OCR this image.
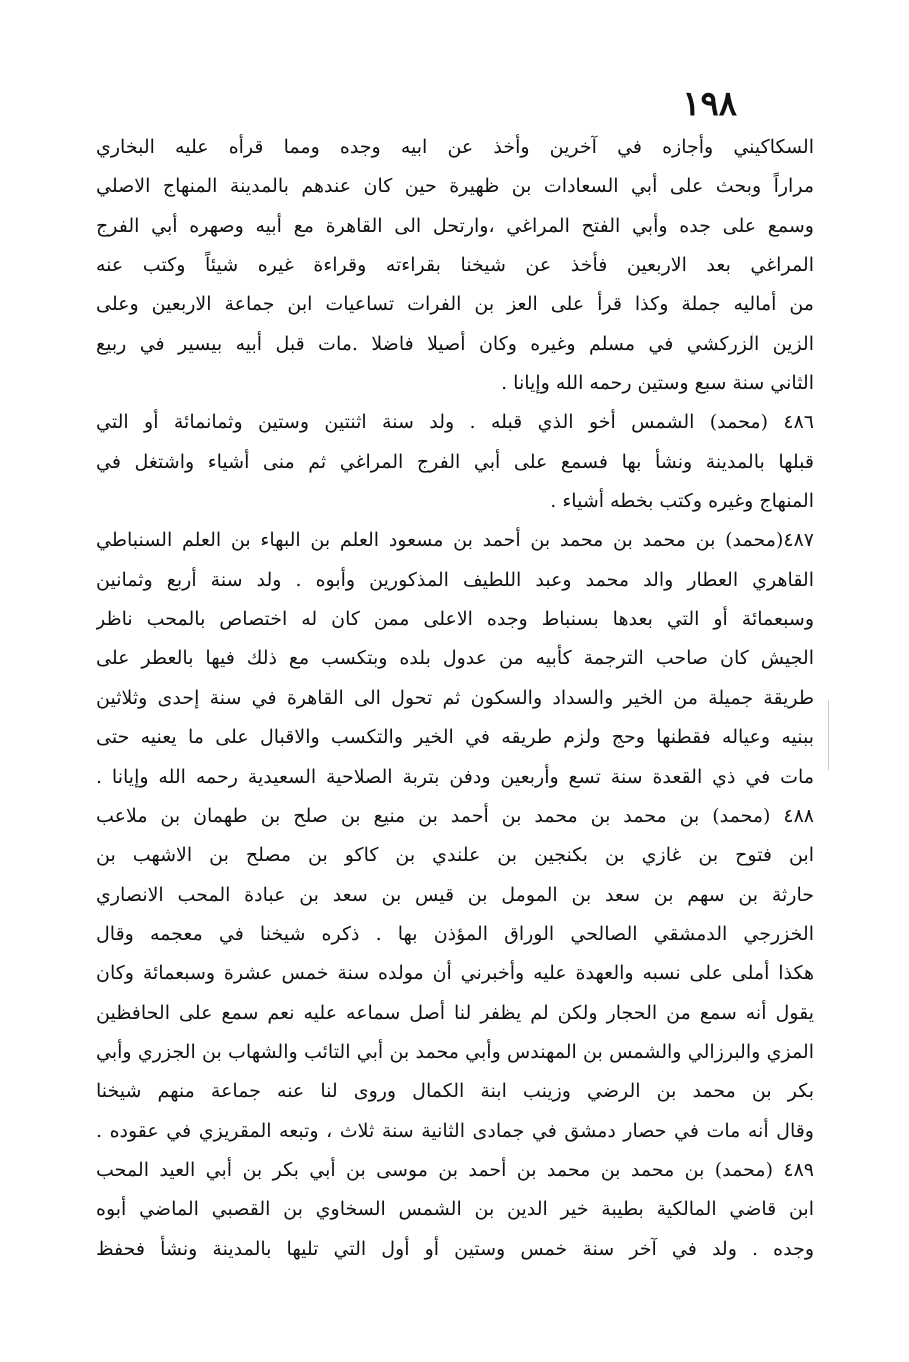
١٩٨
السكاكيني وأجازه في آخرين وأخذ عن ابيه وجده ومما قرأه عليه البخاري
مراراً وبحث على أبي السعادات بن ظهيرة حين كان عندهم بالمدينة المنهاج الاصلي
وسمع على جده وأبي الفتح المراغي ،وارتحل الى القاهرة مع أبيه وصهره أبي الفرج
المراغي بعد الاربعين فأخذ عن شيخنا بقراءته وقراءة غيره شيئاً وكتب عنه
من أماليه جملة وكذا قرأ على العز بن الفرات تساعيات ابن جماعة الاربعين وعلى
الزين الزركشي في مسلم وغيره وكان أصيلا فاضلا .مات قبل أبيه بيسير في ربيع
الثاني سنة سبع وستين رحمه الله وإيانا .
٤٨٦ (محمد) الشمس أخو الذي قبله . ولد سنة اثنتين وستين وثمانمائة أو التي
قبلها بالمدينة ونشأ بها فسمع على أبي الفرج المراغي ثم منى أشياء واشتغل في
المنهاج وغيره وكتب بخطه أشياء .
٤٨٧(محمد) بن محمد بن محمد بن أحمد بن مسعود العلم بن البهاء بن العلم السنباطي
القاهري العطار والد محمد وعبد اللطيف المذكورين وأبوه . ولد سنة أربع وثمانين
وسبعمائة أو التي بعدها بسنباط وجده الاعلى ممن كان له اختصاص بالمحب ناظر
الجيش كان صاحب الترجمة كأبيه من عدول بلده وبتكسب مع ذلك فيها بالعطر على
طريقة جميلة من الخير والسداد والسكون ثم تحول الى القاهرة في سنة إحدى وثلاثين
ببنيه وعياله فقطنها وحج ولزم طريقه في الخير والتكسب والاقبال على ما يعنيه حتى
مات في ذي القعدة سنة تسع وأربعين ودفن بتربة الصلاحية السعيدية رحمه الله وإيانا .
٤٨٨ (محمد) بن محمد بن محمد بن أحمد بن منيع بن صلح بن طهمان بن ملاعب
ابن فتوح بن غازي بن بكنجين بن علندي بن كاكو بن مصلح بن الاشهب بن
حارثة بن سهم بن سعد بن المومل بن قيس بن سعد بن عبادة المحب الانصاري
الخزرجي الدمشقي الصالحي الوراق المؤذن بها . ذكره شيخنا في معجمه وقال
هكذا أملى على نسبه والعهدة عليه وأخبرني أن مولده سنة خمس عشرة وسبعمائة وكان
يقول أنه سمع من الحجار ولكن لم يظفر لنا أصل سماعه عليه نعم سمع على الحافظين
المزي والبرزالي والشمس بن المهندس وأبي محمد بن أبي التائب والشهاب بن الجزري وأبي
بكر بن محمد بن الرضي وزينب ابنة الكمال وروى لنا عنه جماعة منهم شيخنا
وقال أنه مات في حصار دمشق في جمادى الثانية سنة ثلاث ، وتبعه المقريزي في عقوده .
٤٨٩ (محمد) بن محمد بن محمد بن أحمد بن موسى بن أبي بكر بن أبي العيد المحب
ابن قاضي المالكية بطيبة خير الدين بن الشمس السخاوي بن القصبي الماضي أبوه
وجده . ولد في آخر سنة خمس وستين أو أول التي تليها بالمدينة ونشأ فحفظ
